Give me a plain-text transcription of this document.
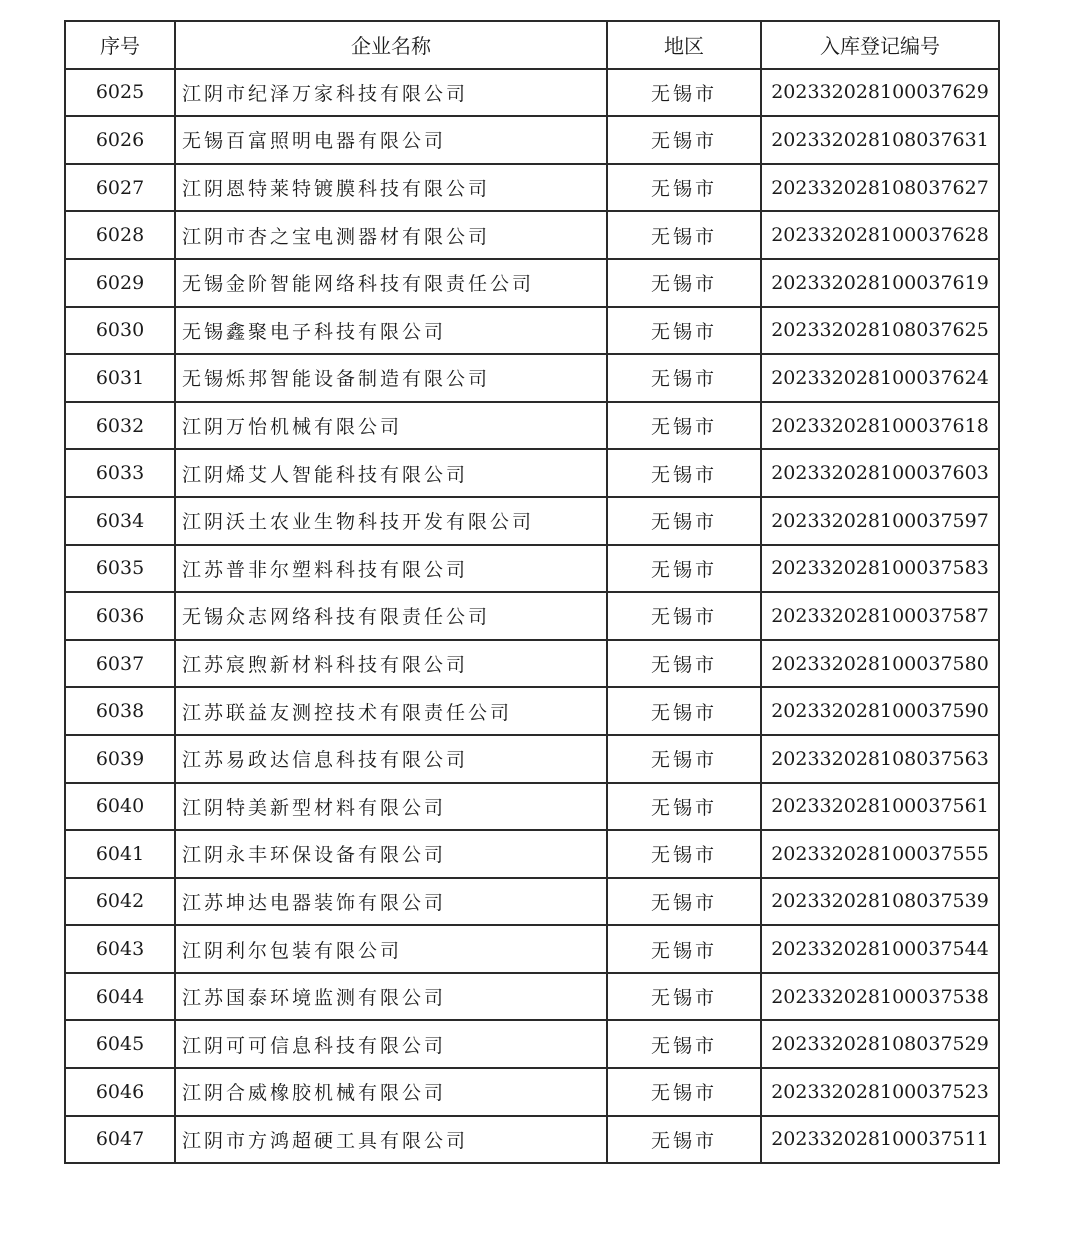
序号	企业名称	地区	入库登记编号
6025	江阴市纪泽万家科技有限公司	无锡市	202332028100037629
6026	无锡百富照明电器有限公司	无锡市	202332028108037631
6027	江阴恩特莱特镀膜科技有限公司	无锡市	202332028108037627
6028	江阴市杏之宝电测器材有限公司	无锡市	202332028100037628
6029	无锡金阶智能网络科技有限责任公司	无锡市	202332028100037619
6030	无锡鑫聚电子科技有限公司	无锡市	202332028108037625
6031	无锡烁邦智能设备制造有限公司	无锡市	202332028100037624
6032	江阴万怡机械有限公司	无锡市	202332028100037618
6033	江阴烯艾人智能科技有限公司	无锡市	202332028100037603
6034	江阴沃土农业生物科技开发有限公司	无锡市	202332028100037597
6035	江苏普非尔塑料科技有限公司	无锡市	202332028100037583
6036	无锡众志网络科技有限责任公司	无锡市	202332028100037587
6037	江苏宸煦新材料科技有限公司	无锡市	202332028100037580
6038	江苏联益友测控技术有限责任公司	无锡市	202332028100037590
6039	江苏易政达信息科技有限公司	无锡市	202332028108037563
6040	江阴特美新型材料有限公司	无锡市	202332028100037561
6041	江阴永丰环保设备有限公司	无锡市	202332028100037555
6042	江苏坤达电器装饰有限公司	无锡市	202332028108037539
6043	江阴利尔包装有限公司	无锡市	202332028100037544
6044	江苏国泰环境监测有限公司	无锡市	202332028100037538
6045	江阴可可信息科技有限公司	无锡市	202332028108037529
6046	江阴合威橡胶机械有限公司	无锡市	202332028100037523
6047	江阴市方鸿超硬工具有限公司	无锡市	202332028100037511
